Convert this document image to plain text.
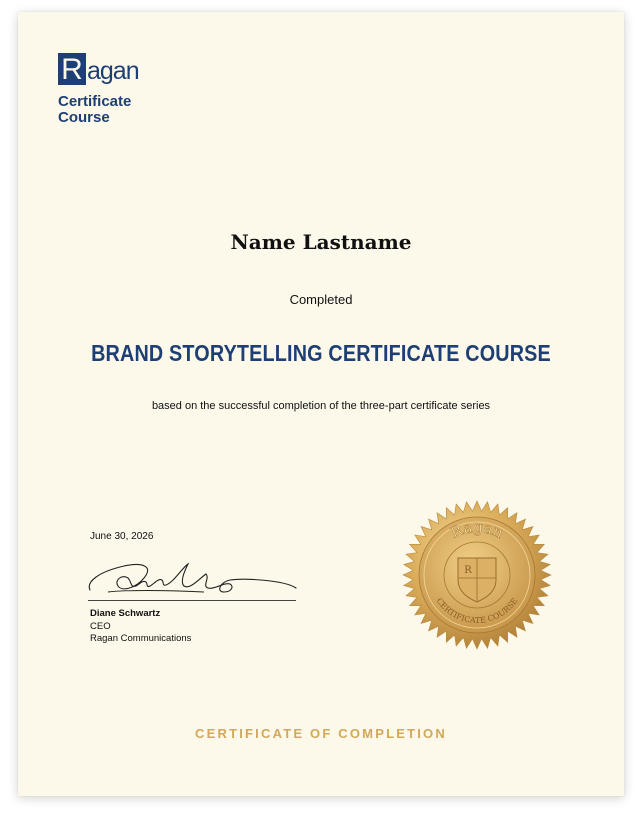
R agan
Certificate Course
Name Lastname
Completed
BRAND STORYTELLING CERTIFICATE COURSE
based on the successful completion of the three-part certificate series
June 30, 2026
Diane Schwartz
CEO
Ragan Communications
Ragan
CERTIFICATE COURSE
R
CERTIFICATE OF COMPLETION
